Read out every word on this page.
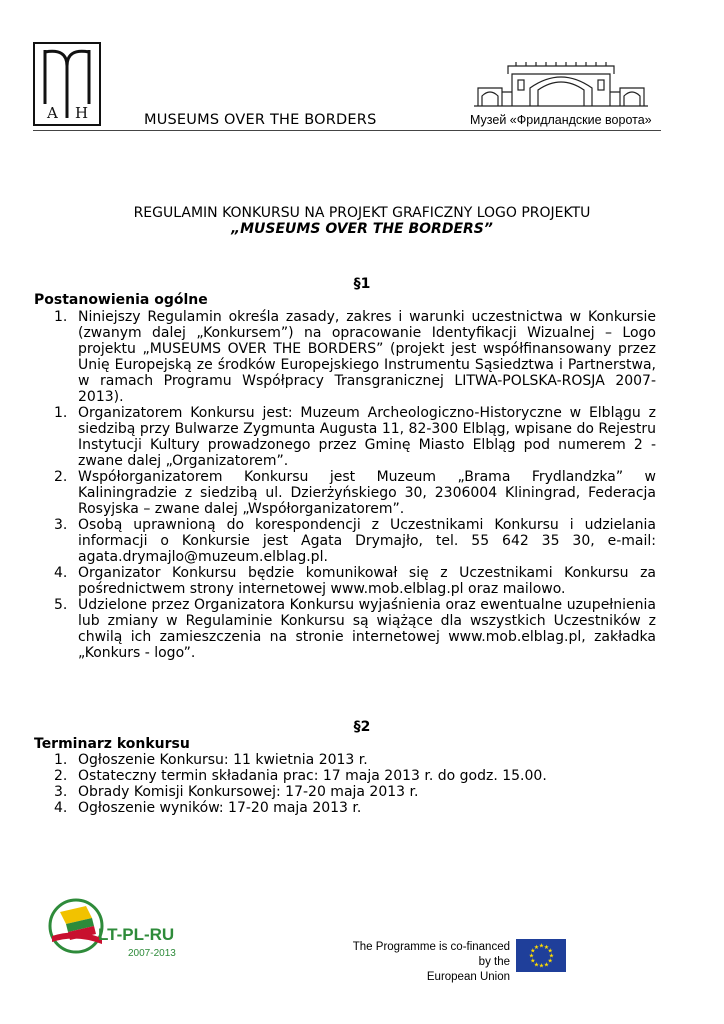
A H	MUSEUMS OVER THE BORDERS	Музей «Фридландские ворота»
REGULAMIN KONKURSU NA PROJEKT GRAFICZNY LOGO PROJEKTU
„MUSEUMS OVER THE BORDERS”
§1
Postanowienia ogólne
1. Niniejszy Regulamin określa zasady, zakres i warunki uczestnictwa w Konkursie (zwanym dalej „Konkursem”) na opracowanie Identyfikacji Wizualnej – Logo projektu „MUSEUMS OVER THE BORDERS” (projekt jest współfinansowany przez Unię Europejską ze środków Europejskiego Instrumentu Sąsiedztwa i Partnerstwa, w ramach Programu Współpracy Transgranicznej LITWA-POLSKA-ROSJA 2007-2013).
1. Organizatorem Konkursu jest: Muzeum Archeologiczno-Historyczne w Elblągu z siedzibą przy Bulwarze Zygmunta Augusta 11, 82-300 Elbląg, wpisane do Rejestru Instytucji Kultury prowadzonego przez Gminę Miasto Elbląg pod numerem 2 - zwane dalej „Organizatorem”.
2. Współorganizatorem Konkursu jest Muzeum „Brama Frydlandzka” w Kaliningradzie z siedzibą ul. Dzierżyńskiego 30, 2306004 Kliningrad, Federacja Rosyjska – zwane dalej „Współorganizatorem”.
3. Osobą uprawnioną do korespondencji z Uczestnikami Konkursu i udzielania informacji o Konkursie jest Agata Drymajło, tel. 55 642 35 30, e-mail: agata.drymajlo@muzeum.elblag.pl.
4. Organizator Konkursu będzie komunikował się z Uczestnikami Konkursu za pośrednictwem strony internetowej www.mob.elblag.pl oraz mailowo.
5. Udzielone przez Organizatora Konkursu wyjaśnienia oraz ewentualne uzupełnienia lub zmiany w Regulaminie Konkursu są wiążące dla wszystkich Uczestników z chwilą ich zamieszczenia na stronie internetowej www.mob.elblag.pl, zakładka „Konkurs - logo”.
§2
Terminarz konkursu
1. Ogłoszenie Konkursu: 11 kwietnia 2013 r.
2. Ostateczny termin składania prac: 17 maja 2013 r. do godz. 15.00.
3. Obrady Komisji Konkursowej: 17-20 maja 2013 r.
4. Ogłoszenie wyników: 17-20 maja 2013 r.
LT-PL-RU
2007-2013
The Programme is co-financed by the
European Union
★
★
★
★
★
★
★
★
★ ★ ★
★
